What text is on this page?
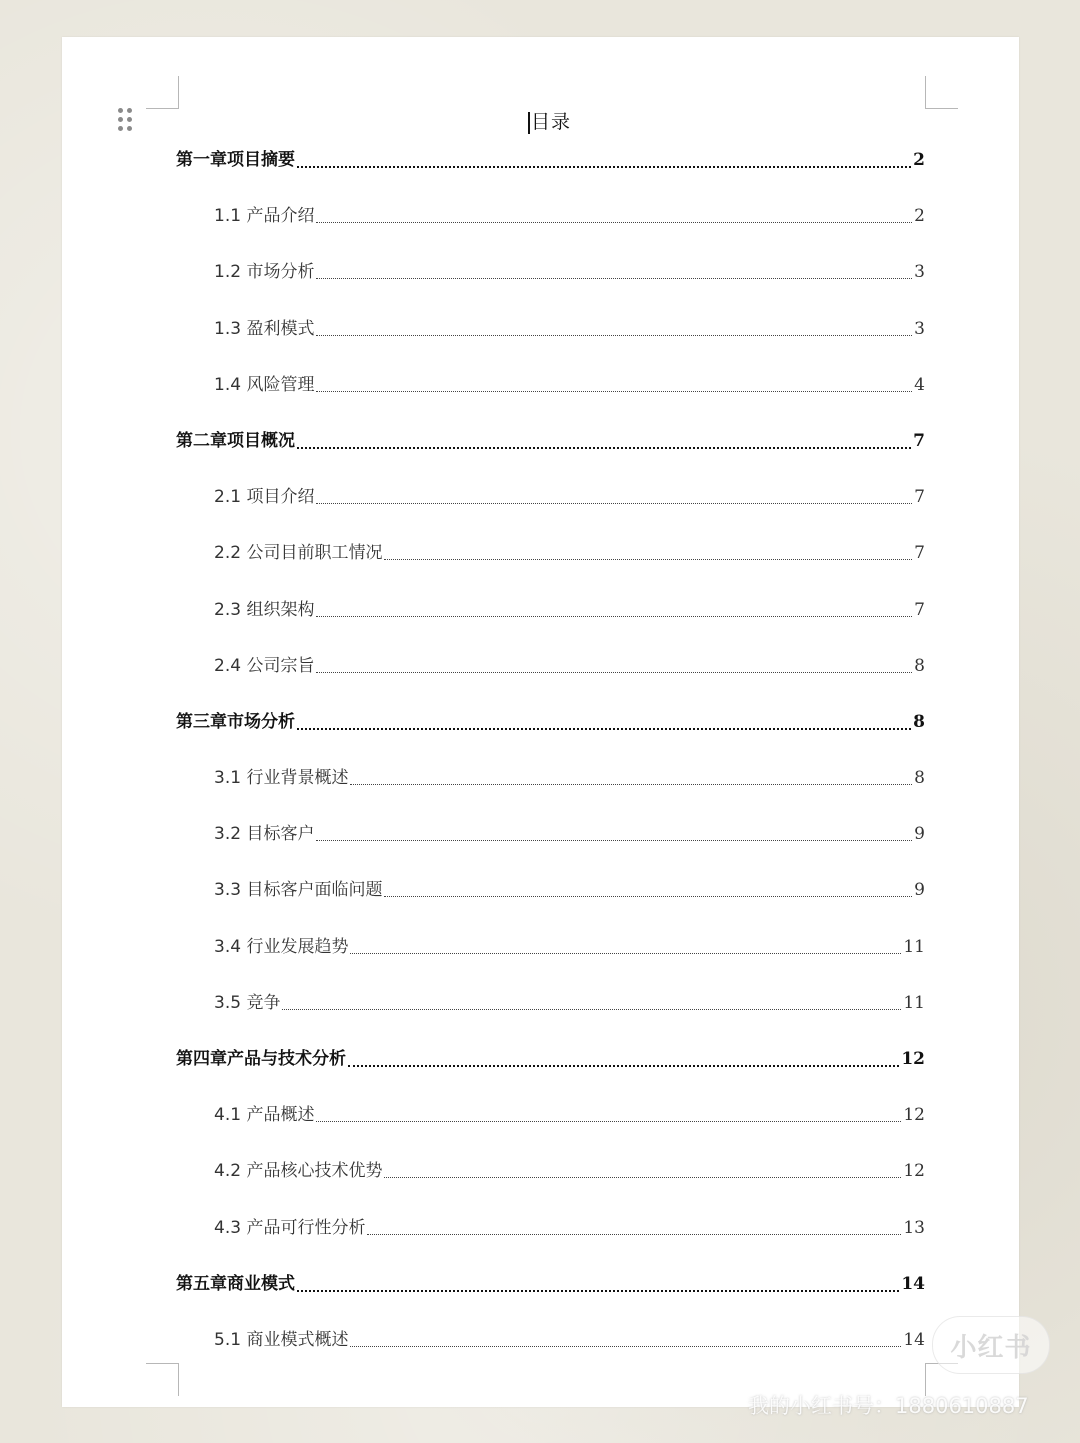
目录
第一章项目摘要	2
1.1 产品介绍	2
1.2 市场分析	3
1.3 盈利模式	3
1.4 风险管理	4
第二章项目概况	7
2.1 项目介绍	7
2.2 公司目前职工情况	7
2.3 组织架构	7
2.4 公司宗旨	8
第三章市场分析	8
3.1 行业背景概述	8
3.2 目标客户	9
3.3 目标客户面临问题	9
3.4 行业发展趋势	11
3.5 竞争	11
第四章产品与技术分析	12
4.1 产品概述	12
4.2 产品核心技术优势	12
4.3 产品可行性分析	13
第五章商业模式	14
5.1 商业模式概述	14 小红书
我的小红书号：1880610887
